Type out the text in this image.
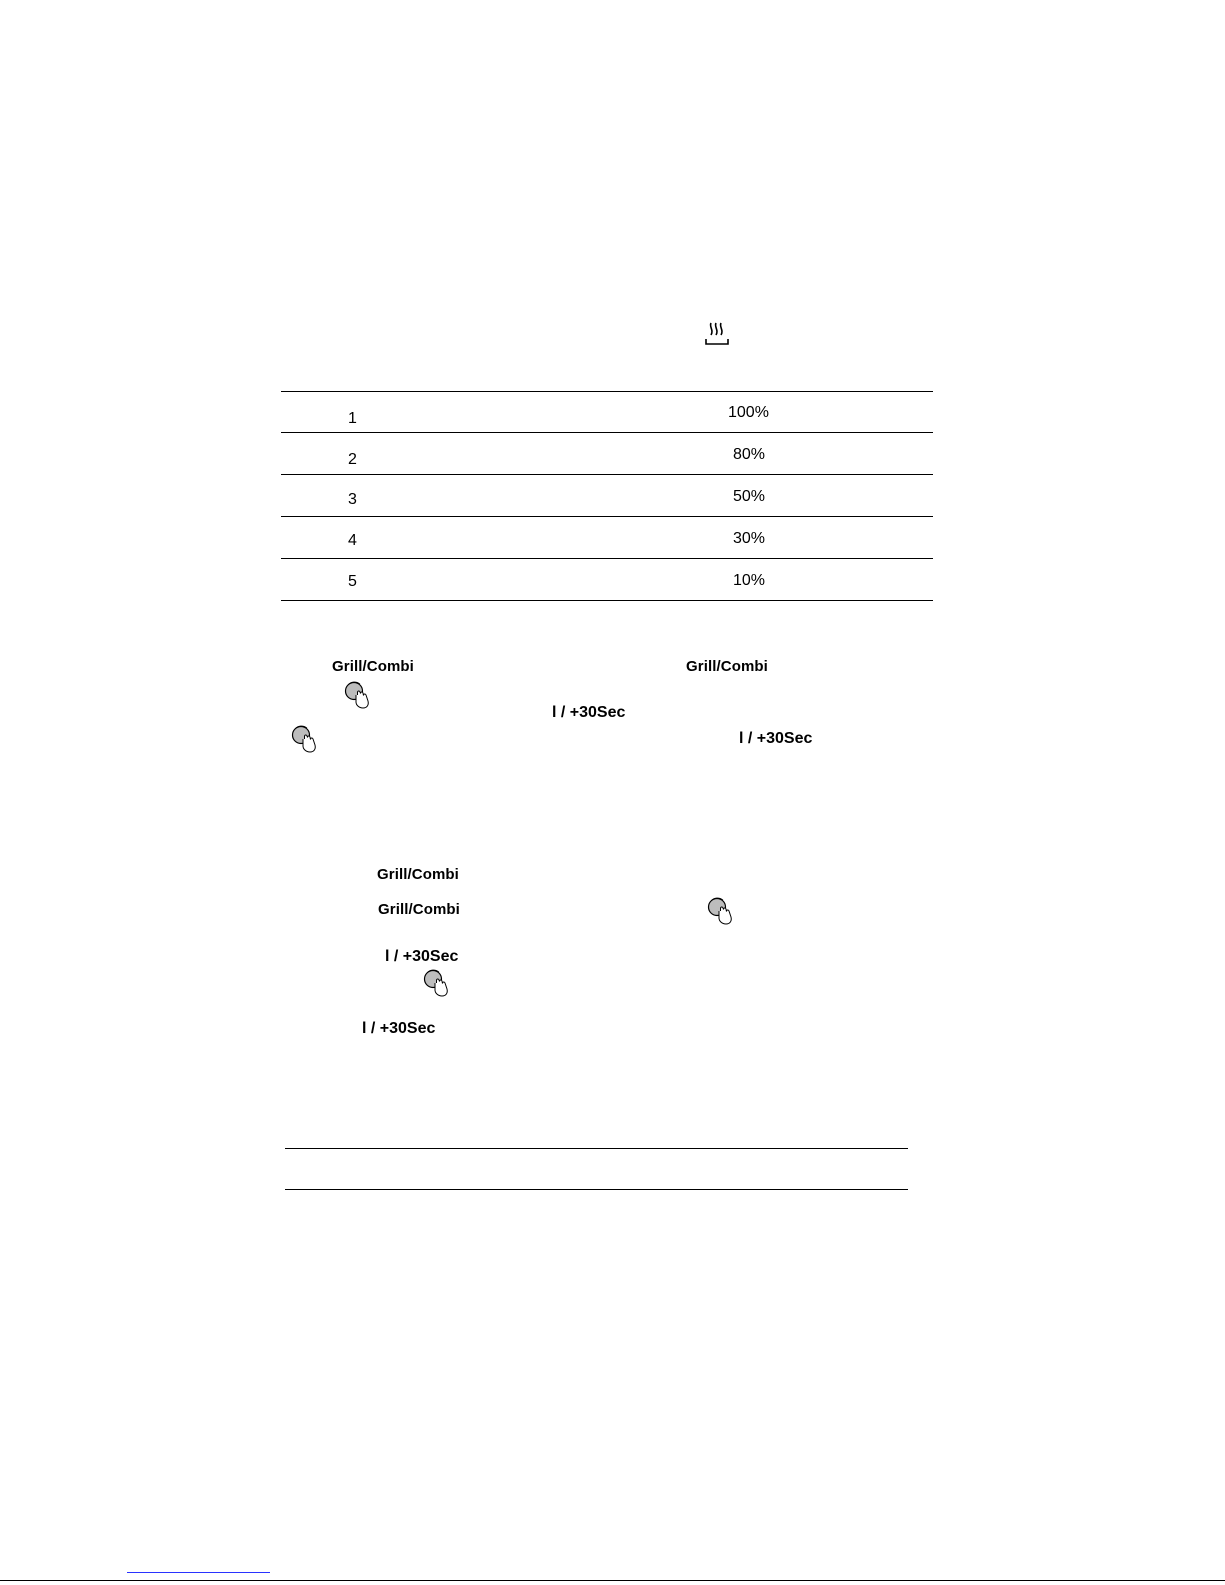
1	100%
2	80%
3	50%
4	30%
5	10%
Grill/Combi	Grill/Combi
l / +30Sec
l / +30Sec
Grill/Combi
Grill/Combi
l / +30Sec
l / +30Sec
